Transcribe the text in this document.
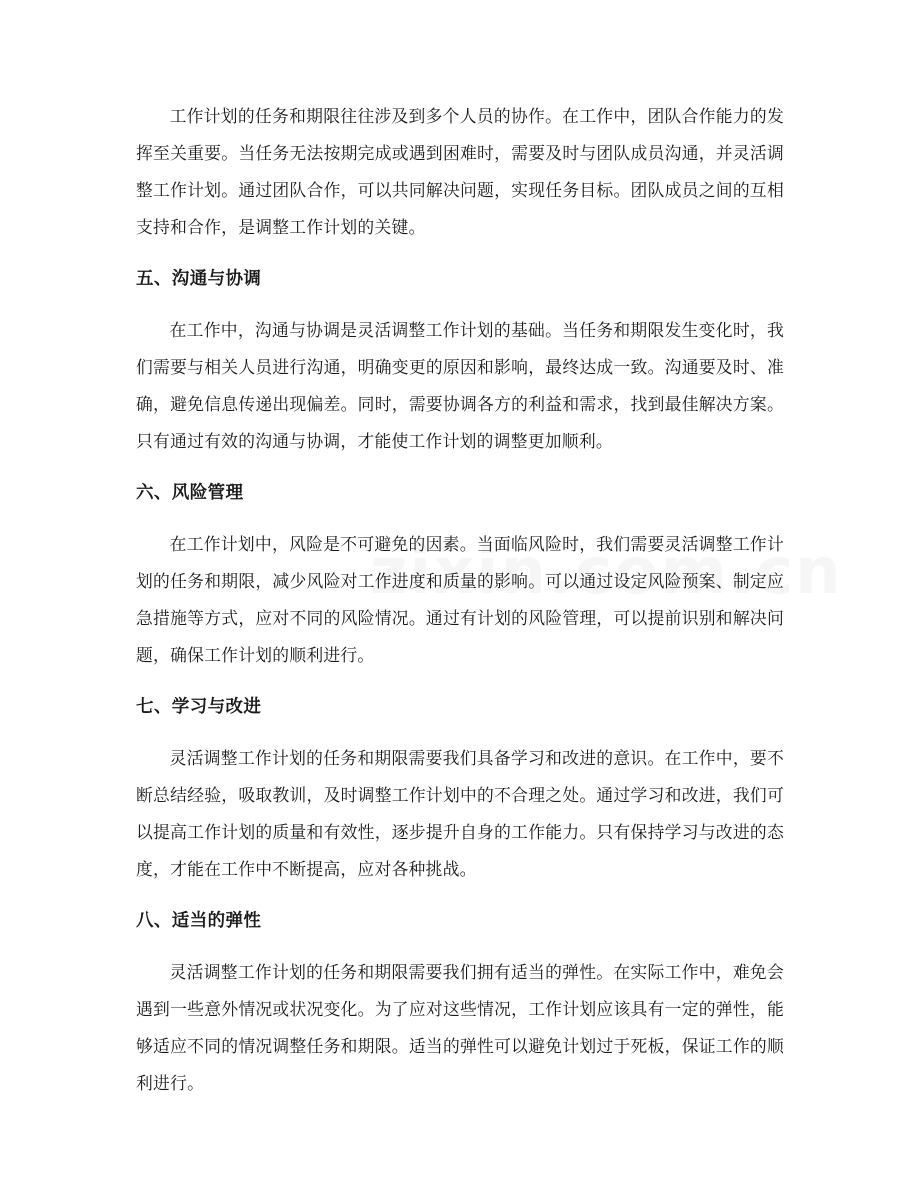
工作计划的任务和期限往往涉及到多个人员的协作。在工作中，团队合作能力的发挥至关重要。当任务无法按期完成或遇到困难时，需要及时与团队成员沟通，并灵活调整工作计划。通过团队合作，可以共同解决问题，实现任务目标。团队成员之间的互相支持和合作，是调整工作计划的关键。

五、沟通与协调

在工作中，沟通与协调是灵活调整工作计划的基础。当任务和期限发生变化时，我们需要与相关人员进行沟通，明确变更的原因和影响，最终达成一致。沟通要及时、准确，避免信息传递出现偏差。同时，需要协调各方的利益和需求，找到最佳解决方案。只有通过有效的沟通与协调，才能使工作计划的调整更加顺利。

六、风险管理

在工作计划中，风险是不可避免的因素。当面临风险时，我们需要灵活调整工作计划的任务和期限，减少风险对工作进度和质量的影响。可以通过设定风险预案、制定应急措施等方式，应对不同的风险情况。通过有计划的风险管理，可以提前识别和解决问题，确保工作计划的顺利进行。

七、学习与改进

灵活调整工作计划的任务和期限需要我们具备学习和改进的意识。在工作中，要不断总结经验，吸取教训，及时调整工作计划中的不合理之处。通过学习和改进，我们可以提高工作计划的质量和有效性，逐步提升自身的工作能力。只有保持学习与改进的态度，才能在工作中不断提高，应对各种挑战。

八、适当的弹性

灵活调整工作计划的任务和期限需要我们拥有适当的弹性。在实际工作中，难免会遇到一些意外情况或状况变化。为了应对这些情况，工作计划应该具有一定的弹性，能够适应不同的情况调整任务和期限。适当的弹性可以避免计划过于死板，保证工作的顺利进行。
